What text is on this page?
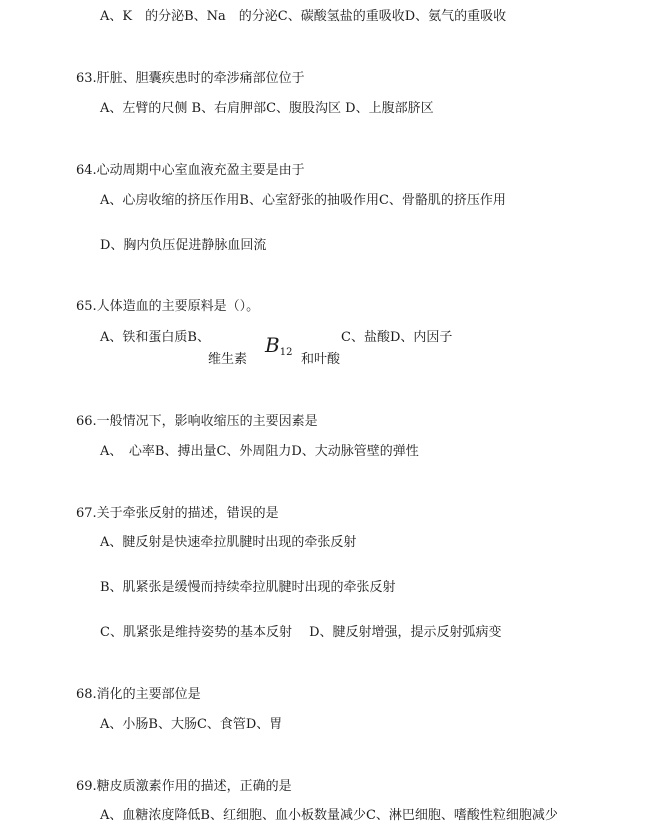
A、K　的分泌B、Na　的分泌C、碳酸氢盐的重吸收D、氨气的重吸收
63.肝脏、胆囊疾患时的牵涉痛部位位于
A、左臂的尺侧 B、右肩胛部C、腹股沟区 D、上腹部脐区
64.心动周期中心室血液充盈主要是由于
A、心房收缩的挤压作用B、心室舒张的抽吸作用C、骨骼肌的挤压作用
D、胸内负压促进静脉血回流
65.人体造血的主要原料是（）。
A、铁和蛋白质B、
维生素
$B_{12}$ 和叶酸
C、盐酸D、内因子
66.一般情况下，影响收缩压的主要因素是
A、　心率B、搏出量C、外周阻力D、大动脉管壁的弹性
67.关于牵张反射的描述，错误的是
A、腱反射是快速牵拉肌腱时出现的牵张反射
B、肌紧张是缓慢而持续牵拉肌腱时出现的牵张反射
C、肌紧张是维持姿势的基本反射　 D、腱反射增强，提示反射弧病变
68.消化的主要部位是
A、小肠B、大肠C、食管D、胃
69.糖皮质激素作用的描述，正确的是
A、血糖浓度降低B、红细胞、血小板数量减少C、淋巴细胞、嗜酸性粒细胞减少
